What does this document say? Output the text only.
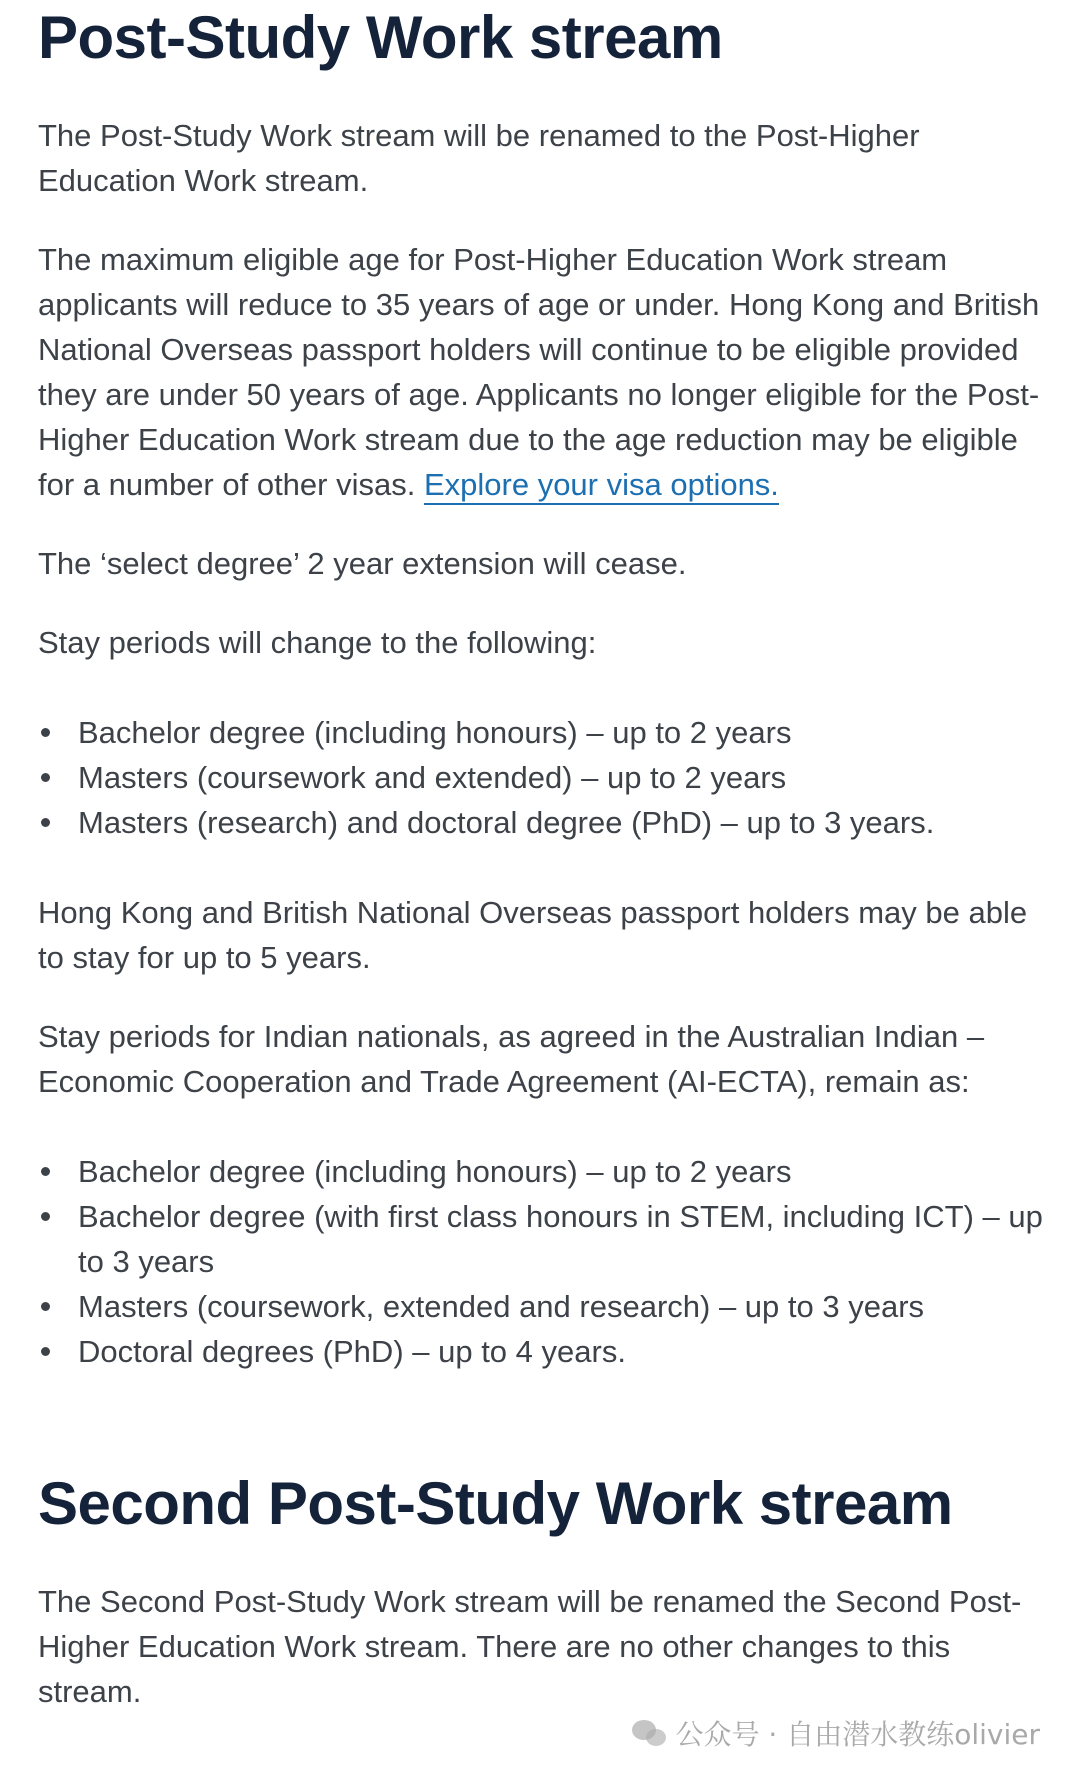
Post-Study Work stream

The Post-Study Work stream will be renamed to the Post-Higher Education Work stream.

The maximum eligible age for Post-Higher Education Work stream applicants will reduce to 35 years of age or under. Hong Kong and British National Overseas passport holders will continue to be eligible provided they are under 50 years of age. Applicants no longer eligible for the Post-Higher Education Work stream due to the age reduction may be eligible for a number of other visas. Explore your visa options.

The ‘select degree’ 2 year extension will cease.

Stay periods will change to the following:

Bachelor degree (including honours) – up to 2 years
Masters (coursework and extended) – up to 2 years
Masters (research) and doctoral degree (PhD) – up to 3 years.

Hong Kong and British National Overseas passport holders may be able to stay for up to 5 years.

Stay periods for Indian nationals, as agreed in the Australian Indian – Economic Cooperation and Trade Agreement (AI-ECTA), remain as:

Bachelor degree (including honours) – up to 2 years
Bachelor degree (with first class honours in STEM, including ICT) – up to 3 years
Masters (coursework, extended and research) – up to 3 years
Doctoral degrees (PhD) – up to 4 years.
Second Post-Study Work stream

The Second Post-Study Work stream will be renamed the Second Post-Higher Education Work stream. There are no other changes to this stream.

公众号 · 自由潜水教练olivier
